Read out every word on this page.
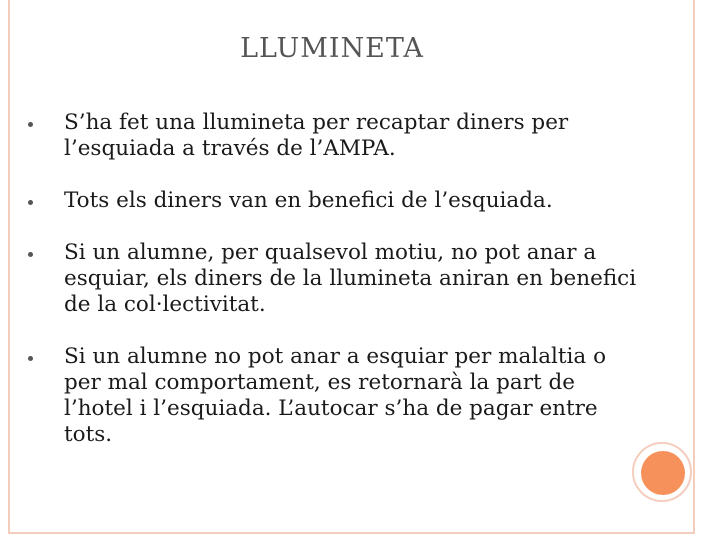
LLUMINETA
S’ha fet una llumineta per recaptar diners per l’esquiada a través de l’AMPA.
Tots els diners van en benefici de l’esquiada.
Si un alumne, per qualsevol motiu, no pot anar a esquiar, els diners de la llumineta aniran en benefici de la col·lectivitat.
Si un alumne no pot anar a esquiar per malaltia o per mal comportament, es retornarà la part de l’hotel i l’esquiada. L’autocar s’ha de pagar entre tots.
